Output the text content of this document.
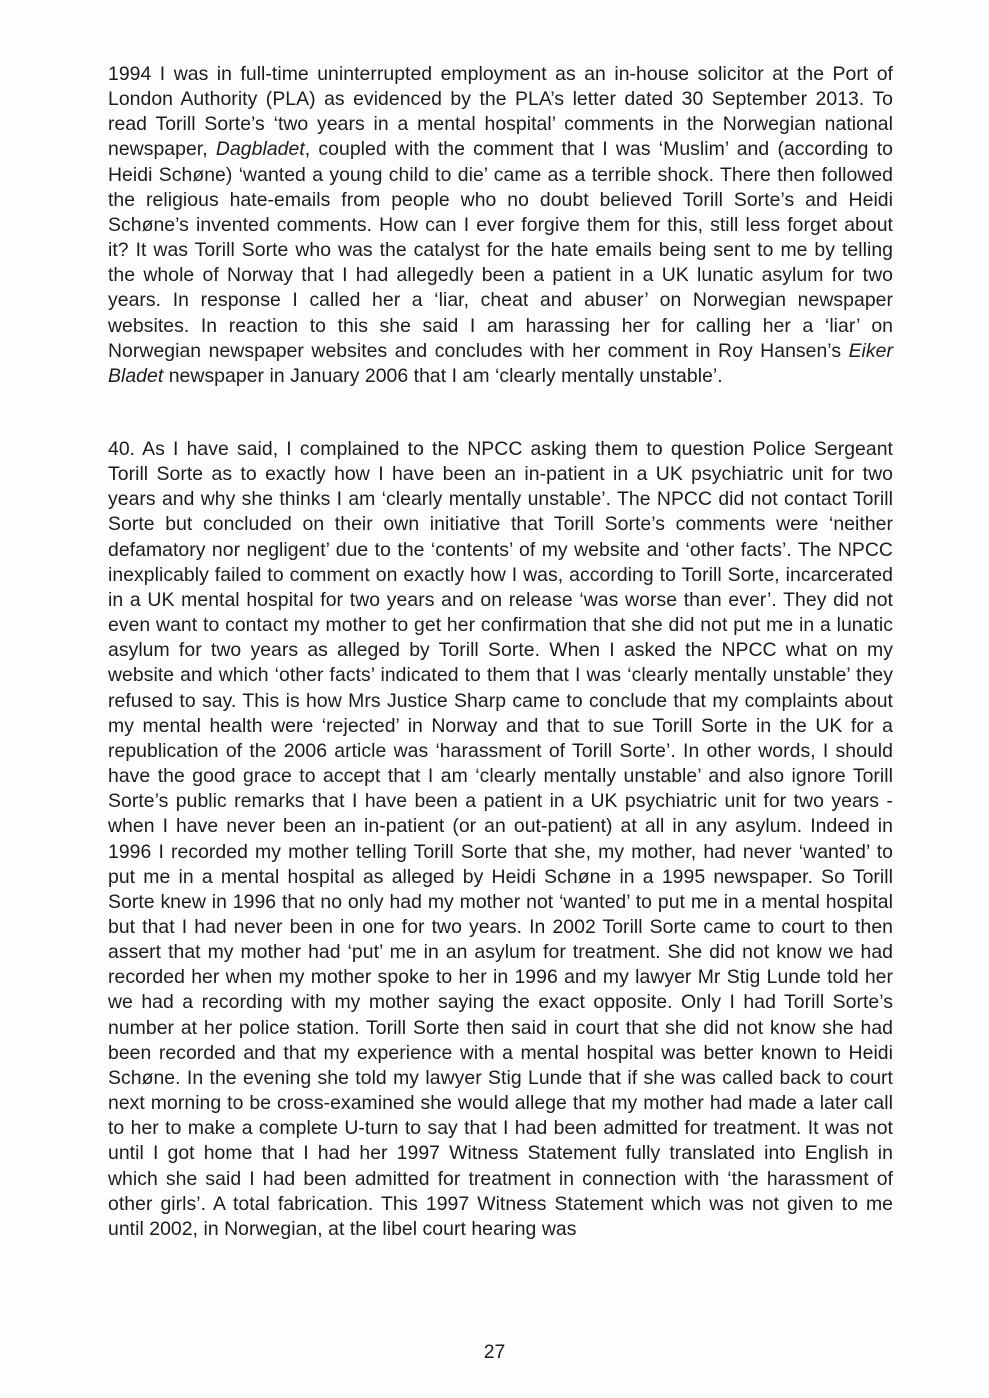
1994 I was in full-time uninterrupted employment as an in-house solicitor at the Port of London Authority (PLA) as evidenced by the PLA’s letter dated 30 September 2013. To read Torill Sorte’s ‘two years in a mental hospital’ comments in the Norwegian national newspaper, Dagbladet, coupled with the comment that I was ‘Muslim’ and (according to Heidi Schøne) ‘wanted a young child to die’ came as a terrible shock. There then followed the religious hate-emails from people who no doubt believed Torill Sorte’s and Heidi Schøne’s invented comments. How can I ever forgive them for this, still less forget about it? It was Torill Sorte who was the catalyst for the hate emails being sent to me by telling the whole of Norway that I had allegedly been a patient in a UK lunatic asylum for two years. In response I called her a ‘liar, cheat and abuser’ on Norwegian newspaper websites. In reaction to this she said I am harassing her for calling her a ‘liar’ on Norwegian newspaper websites and concludes with her comment in Roy Hansen’s Eiker Bladet newspaper in January 2006 that I am ‘clearly mentally unstable’.

40. As I have said, I complained to the NPCC asking them to question Police Sergeant Torill Sorte as to exactly how I have been an in-patient in a UK psychiatric unit for two years and why she thinks I am ‘clearly mentally unstable’. The NPCC did not contact Torill Sorte but concluded on their own initiative that Torill Sorte’s comments were ‘neither defamatory nor negligent’ due to the ‘contents’ of my website and ‘other facts’. The NPCC inexplicably failed to comment on exactly how I was, according to Torill Sorte, incarcerated in a UK mental hospital for two years and on release ‘was worse than ever’. They did not even want to contact my mother to get her confirmation that she did not put me in a lunatic asylum for two years as alleged by Torill Sorte. When I asked the NPCC what on my website and which ‘other facts’ indicated to them that I was ‘clearly mentally unstable’ they refused to say. This is how Mrs Justice Sharp came to conclude that my complaints about my mental health were ‘rejected’ in Norway and that to sue Torill Sorte in the UK for a republication of the 2006 article was ‘harassment of Torill Sorte’. In other words, I should have the good grace to accept that I am ‘clearly mentally unstable’ and also ignore Torill Sorte’s public remarks that I have been a patient in a UK psychiatric unit for two years - when I have never been an in-patient (or an out-patient) at all in any asylum. Indeed in 1996 I recorded my mother telling Torill Sorte that she, my mother, had never ‘wanted’ to put me in a mental hospital as alleged by Heidi Schøne in a 1995 newspaper. So Torill Sorte knew in 1996 that no only had my mother not ‘wanted’ to put me in a mental hospital but that I had never been in one for two years. In 2002 Torill Sorte came to court to then assert that my mother had ‘put’ me in an asylum for treatment. She did not know we had recorded her when my mother spoke to her in 1996 and my lawyer Mr Stig Lunde told her we had a recording with my mother saying the exact opposite. Only I had Torill Sorte’s number at her police station. Torill Sorte then said in court that she did not know she had been recorded and that my experience with a mental hospital was better known to Heidi Schøne. In the evening she told my lawyer Stig Lunde that if she was called back to court next morning to be cross-examined she would allege that my mother had made a later call to her to make a complete U-turn to say that I had been admitted for treatment. It was not until I got home that I had her 1997 Witness Statement fully translated into English in which she said I had been admitted for treatment in connection with ‘the harassment of other girls’. A total fabrication. This 1997 Witness Statement which was not given to me until 2002, in Norwegian, at the libel court hearing was

27
